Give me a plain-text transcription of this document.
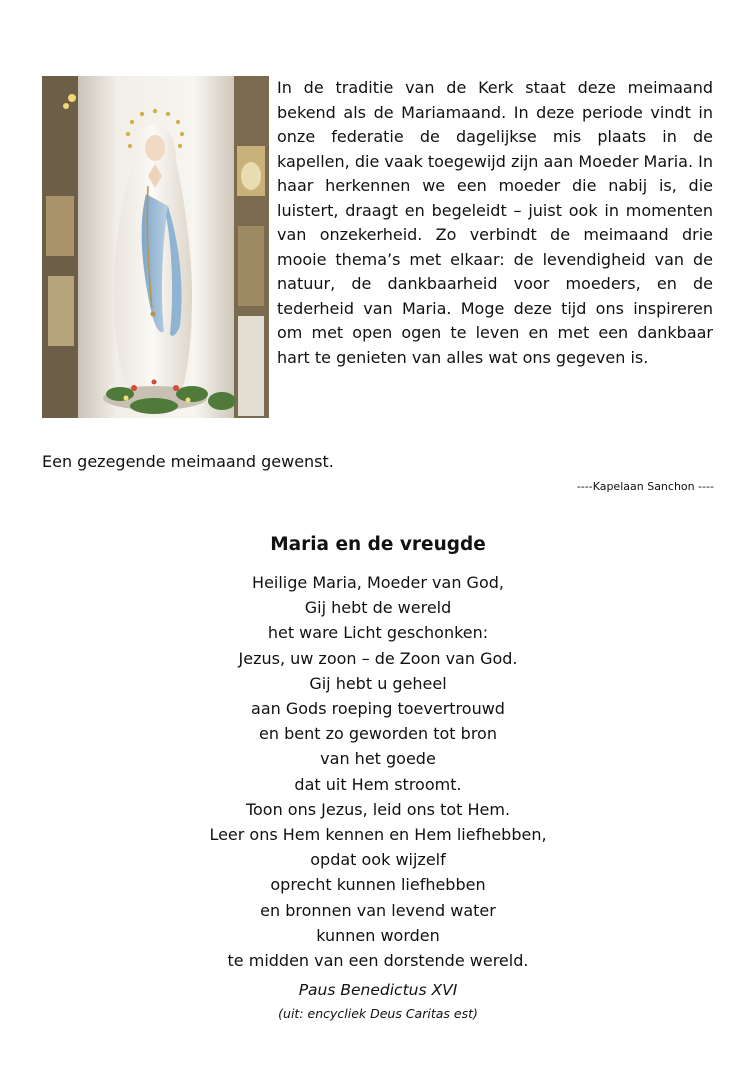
In de traditie van de Kerk staat deze meimaand bekend als de Mariamaand. In deze periode vindt in onze federatie de dagelijkse mis plaats in de kapellen, die vaak toegewijd zijn aan Moeder Maria. In haar herkennen we een moeder die nabij is, die luistert, draagt en begeleidt – juist ook in momenten van onzekerheid. Zo verbindt de meimaand drie mooie thema’s met elkaar: de levendigheid van de natuur, de dankbaarheid voor moeders, en de tederheid van Maria. Moge deze tijd ons inspireren om met open ogen te leven en met een dankbaar hart te genieten van alles wat ons gegeven is.

Een gezegende meimaand gewenst.

----Kapelaan Sanchon ----

Maria en de vreugde
Heilige Maria, Moeder van God,
Gij hebt de wereld
het ware Licht geschonken:
Jezus, uw zoon – de Zoon van God.
Gij hebt u geheel
aan Gods roeping toevertrouwd
en bent zo geworden tot bron
van het goede
dat uit Hem stroomt.
Toon ons Jezus, leid ons tot Hem.
Leer ons Hem kennen en Hem liefhebben,
opdat ook wijzelf
oprecht kunnen liefhebben
en bronnen van levend water
kunnen worden
te midden van een dorstende wereld.

Paus Benedictus XVI

(uit: encycliek Deus Caritas est)
